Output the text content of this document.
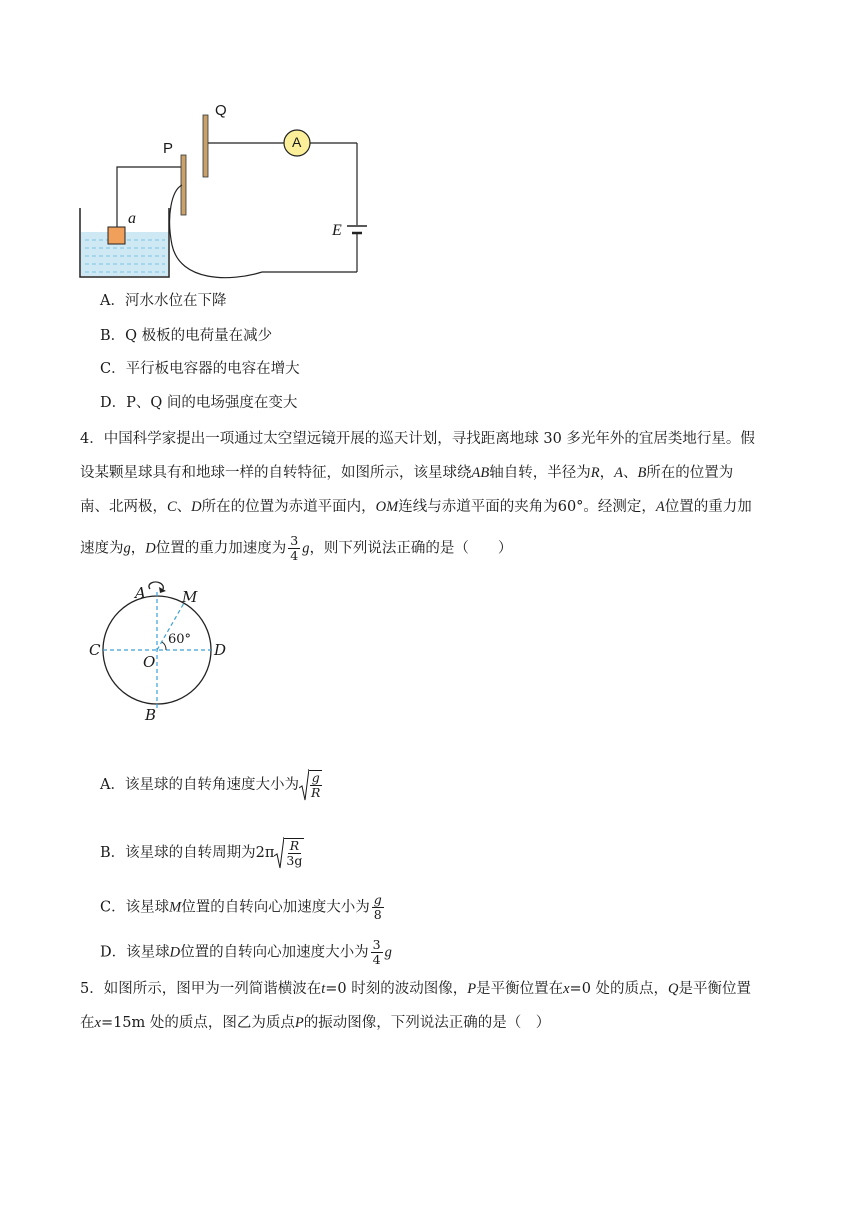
Q
P	A
a
E
A．河水水位在下降
B．Q 极板的电荷量在减少
C．平行板电容器的电容在增大
D．P、Q 间的电场强度在变大
4．中国科学家提出一项通过太空望远镜开展的巡天计划，寻找距离地球 30 多光年外的宜居类地行星。假
设某颗星球具有和地球一样的自转特征，如图所示，该星球绕AB轴自转，半径为R，A、B所在的位置为
南、北两极，C、D所在的位置为赤道平面内，OM连线与赤道平面的夹角为60°。经测定，A位置的重力加
速度为g，D位置的重力加速度为 $\frac{3}{4}$ g，则下列说法正确的是（　　）
A M
C	D
O
B
60°
A．该星球的自转角速度大小为 $\frac{g}{R}$
B．该星球的自转周期为$2\pi \frac{R}{3g}$
C．该星球M位置的自转向心加速度大小为 $\frac{g}{8}$
D．该星球D位置的自转向心加速度大小为 $\frac{3}{4}$ g
5．如图所示，图甲为一列简谐横波在t=0 时刻的波动图像，P是平衡位置在x=0 处的质点，Q是平衡位置
在x=15m 处的质点，图乙为质点P的振动图像，下列说法正确的是（　）
